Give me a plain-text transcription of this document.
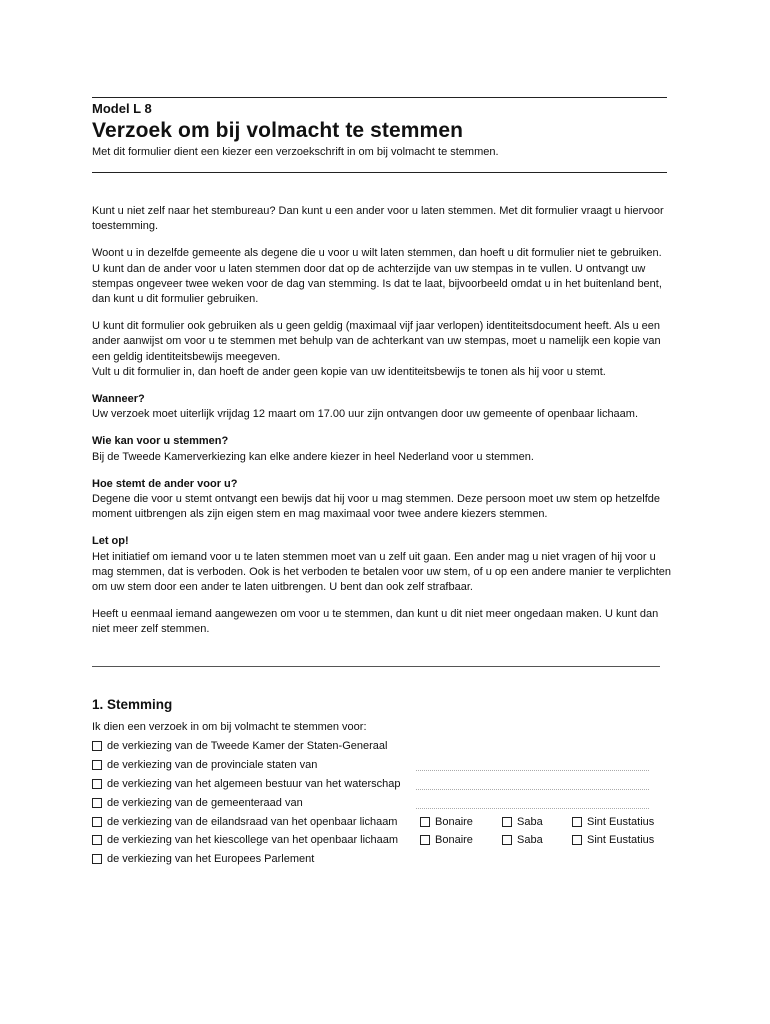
Model L 8
Verzoek om bij volmacht te stemmen
Met dit formulier dient een kiezer een verzoekschrift in om bij volmacht te stemmen.

Kunt u niet zelf naar het stembureau? Dan kunt u een ander voor u laten stemmen. Met dit formulier vraagt u hiervoor toestemming.

Woont u in dezelfde gemeente als degene die u voor u wilt laten stemmen, dan hoeft u dit formulier niet te gebruiken. U kunt dan de ander voor u laten stemmen door dat op de achterzijde van uw stempas in te vullen. U ontvangt uw stempas ongeveer twee weken voor de dag van stemming. Is dat te laat, bijvoorbeeld omdat u in het buitenland bent, dan kunt u dit formulier gebruiken.

U kunt dit formulier ook gebruiken als u geen geldig (maximaal vijf jaar verlopen) identiteitsdocument heeft. Als u een ander aanwijst om voor u te stemmen met behulp van de achterkant van uw stempas, moet u namelijk een kopie van een geldig identiteitsbewijs meegeven.
Vult u dit formulier in, dan hoeft de ander geen kopie van uw identiteitsbewijs te tonen als hij voor u stemt.

Wanneer?
Uw verzoek moet uiterlijk vrijdag 12 maart om 17.00 uur zijn ontvangen door uw gemeente of openbaar lichaam.

Wie kan voor u stemmen?
Bij de Tweede Kamerverkiezing kan elke andere kiezer in heel Nederland voor u stemmen.

Hoe stemt de ander voor u?
Degene die voor u stemt ontvangt een bewijs dat hij voor u mag stemmen. Deze persoon moet uw stem op hetzelfde moment uitbrengen als zijn eigen stem en mag maximaal voor twee andere kiezers stemmen.

Let op!
Het initiatief om iemand voor u te laten stemmen moet van u zelf uit gaan. Een ander mag u niet vragen of hij voor u mag stemmen, dat is verboden. Ook is het verboden te betalen voor uw stem, of u op een andere manier te verplichten om uw stem door een ander te laten uitbrengen. U bent dan ook zelf strafbaar.

Heeft u eenmaal iemand aangewezen om voor u te stemmen, dan kunt u dit niet meer ongedaan maken. U kunt dan niet meer zelf stemmen.

1. Stemming
Ik dien een verzoek in om bij volmacht te stemmen voor:
de verkiezing van de Tweede Kamer der Staten-Generaal
de verkiezing van de provinciale staten van
de verkiezing van het algemeen bestuur van het waterschap
de verkiezing van de gemeenteraad van
de verkiezing van de eilandsraad van het openbaar lichaam	Bonaire	Saba	Sint Eustatius
de verkiezing van het kiescollege van het openbaar lichaam	Bonaire	Saba	Sint Eustatius
de verkiezing van het Europees Parlement
